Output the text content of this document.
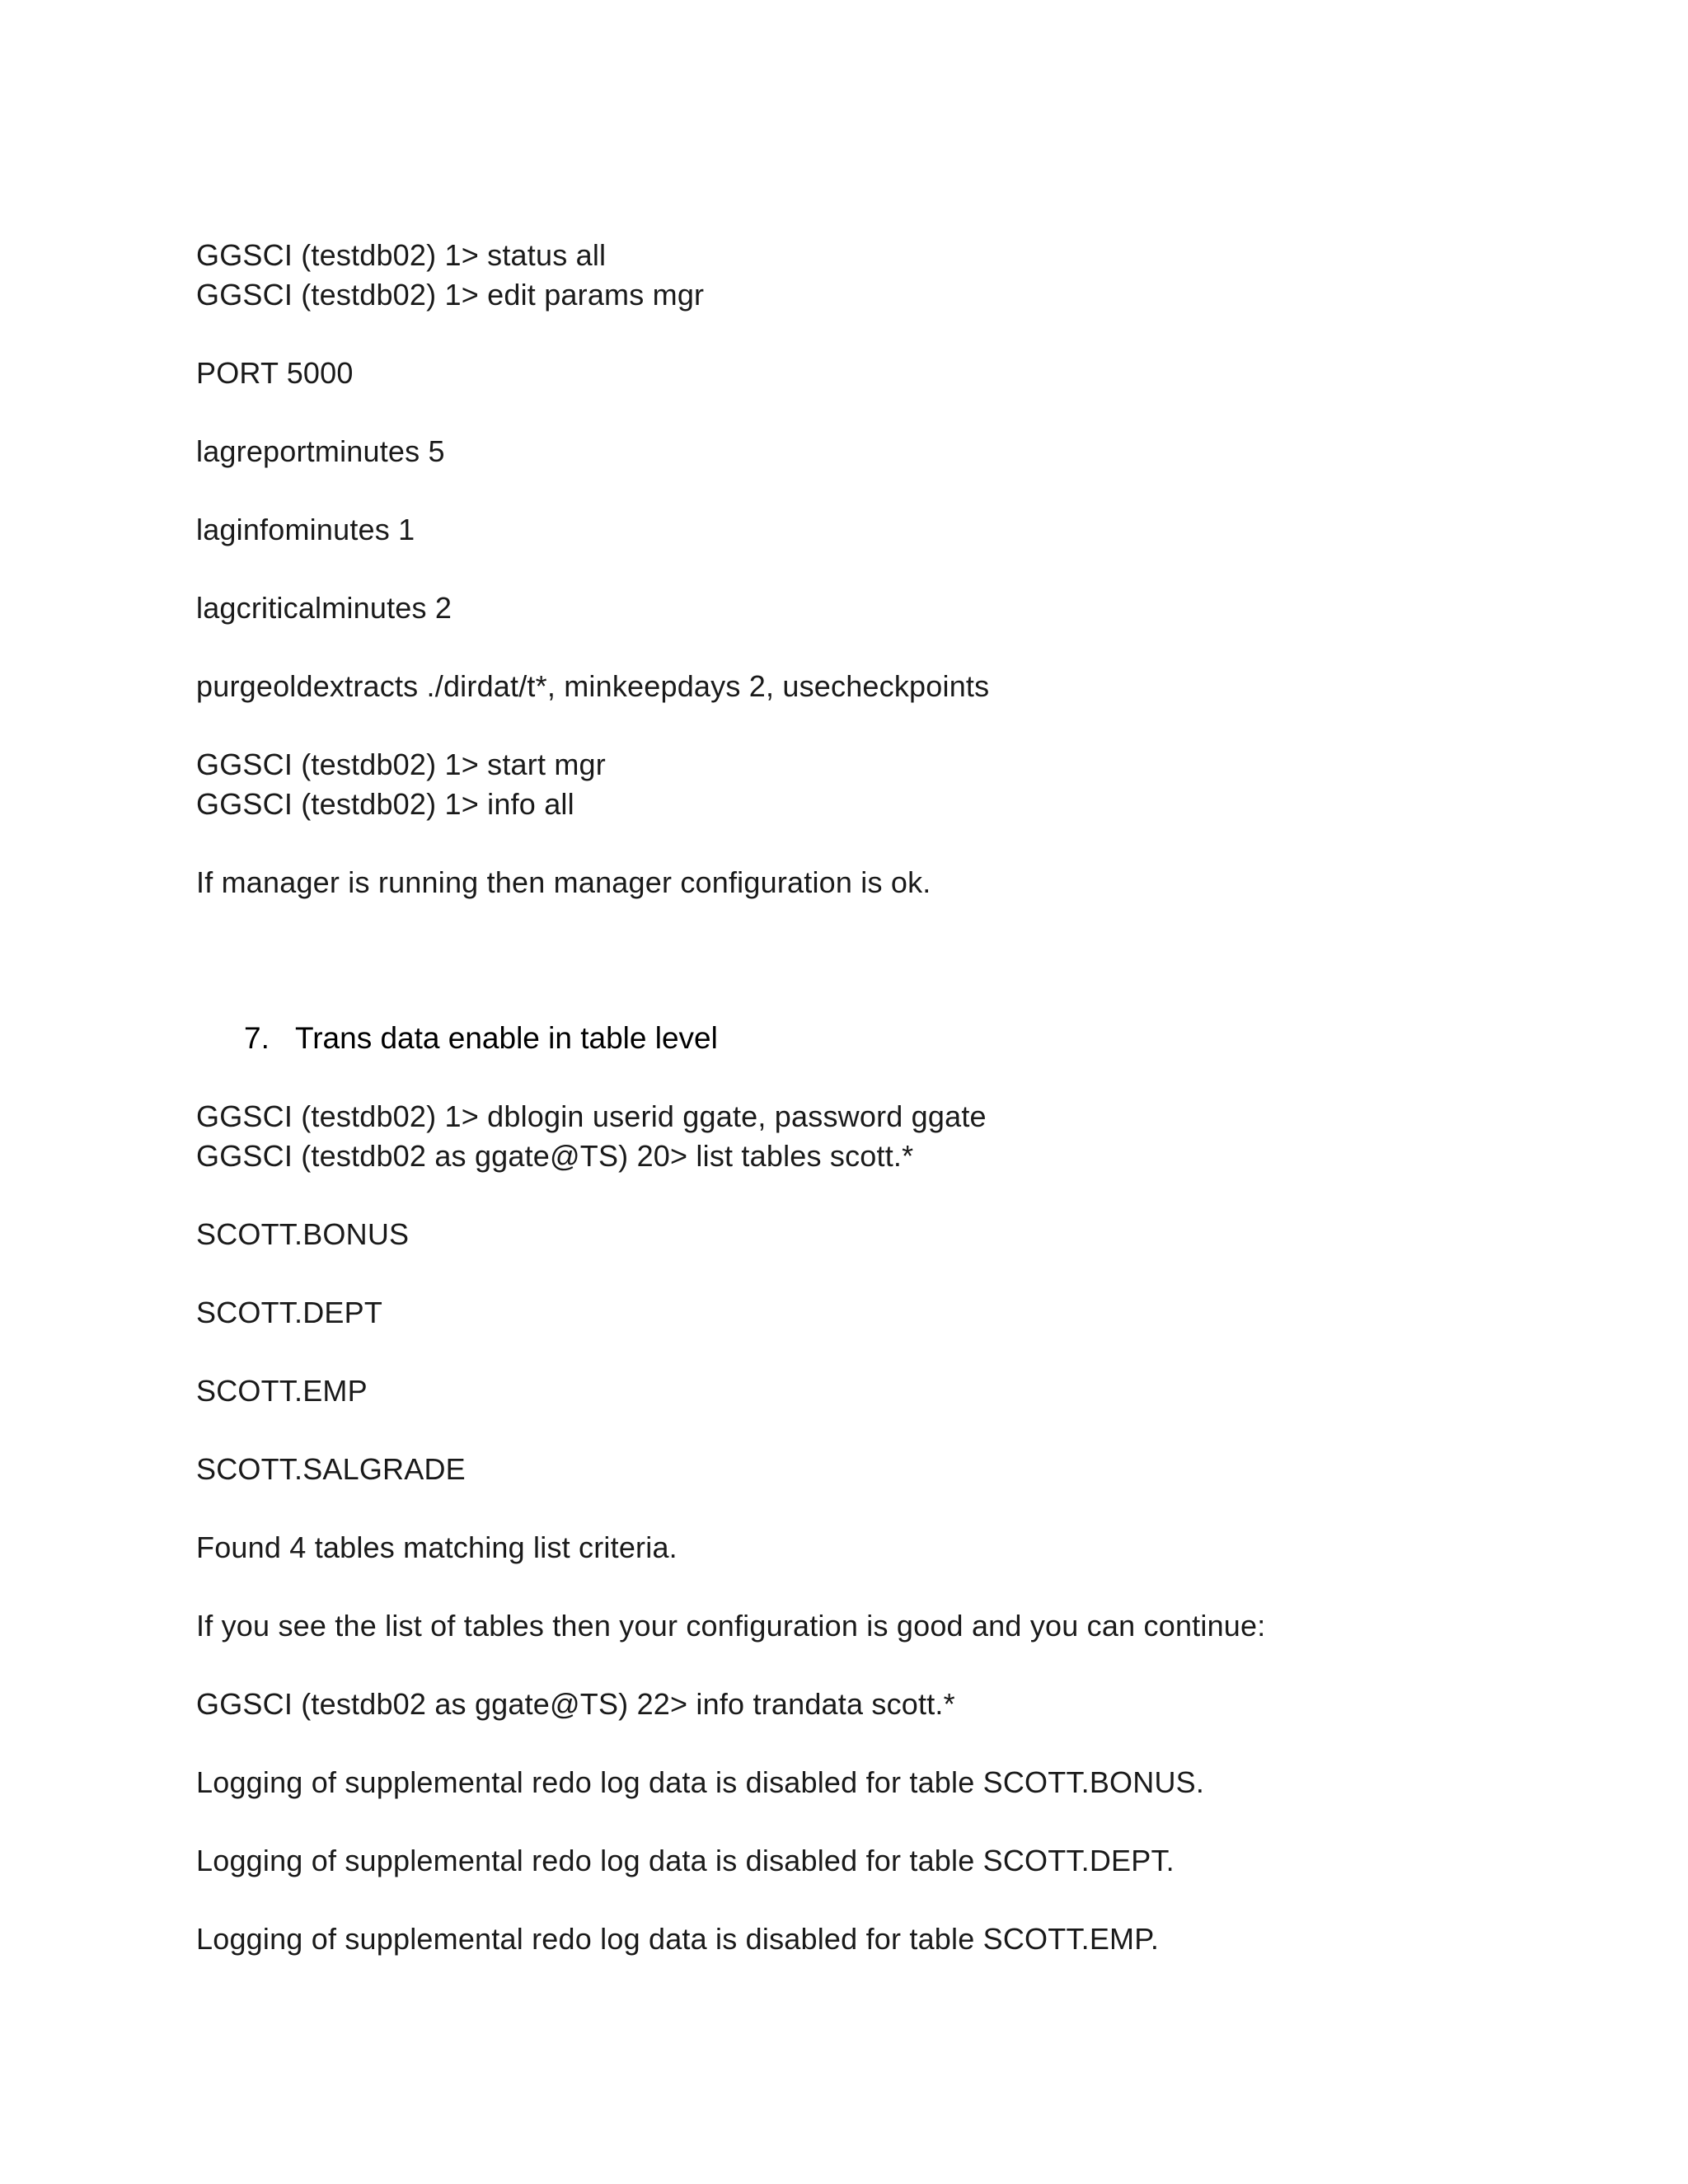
GGSCI (testdb02) 1> status all
GGSCI (testdb02) 1> edit params mgr
PORT 5000
lagreportminutes 5
laginfominutes 1
lagcriticalminutes 2
purgeoldextracts ./dirdat/t*, minkeepdays 2, usecheckpoints
GGSCI (testdb02) 1> start mgr
GGSCI (testdb02) 1> info all
If manager is running then manager configuration is ok.
7. Trans data enable in table level
GGSCI (testdb02) 1> dblogin userid ggate, password ggate
GGSCI (testdb02 as ggate@TS) 20> list tables scott.*
SCOTT.BONUS
SCOTT.DEPT
SCOTT.EMP
SCOTT.SALGRADE
Found 4 tables matching list criteria.
If you see the list of tables then your configuration is good and you can continue:
GGSCI (testdb02 as ggate@TS) 22> info trandata scott.*
Logging of supplemental redo log data is disabled for table SCOTT.BONUS.
Logging of supplemental redo log data is disabled for table SCOTT.DEPT.
Logging of supplemental redo log data is disabled for table SCOTT.EMP.
